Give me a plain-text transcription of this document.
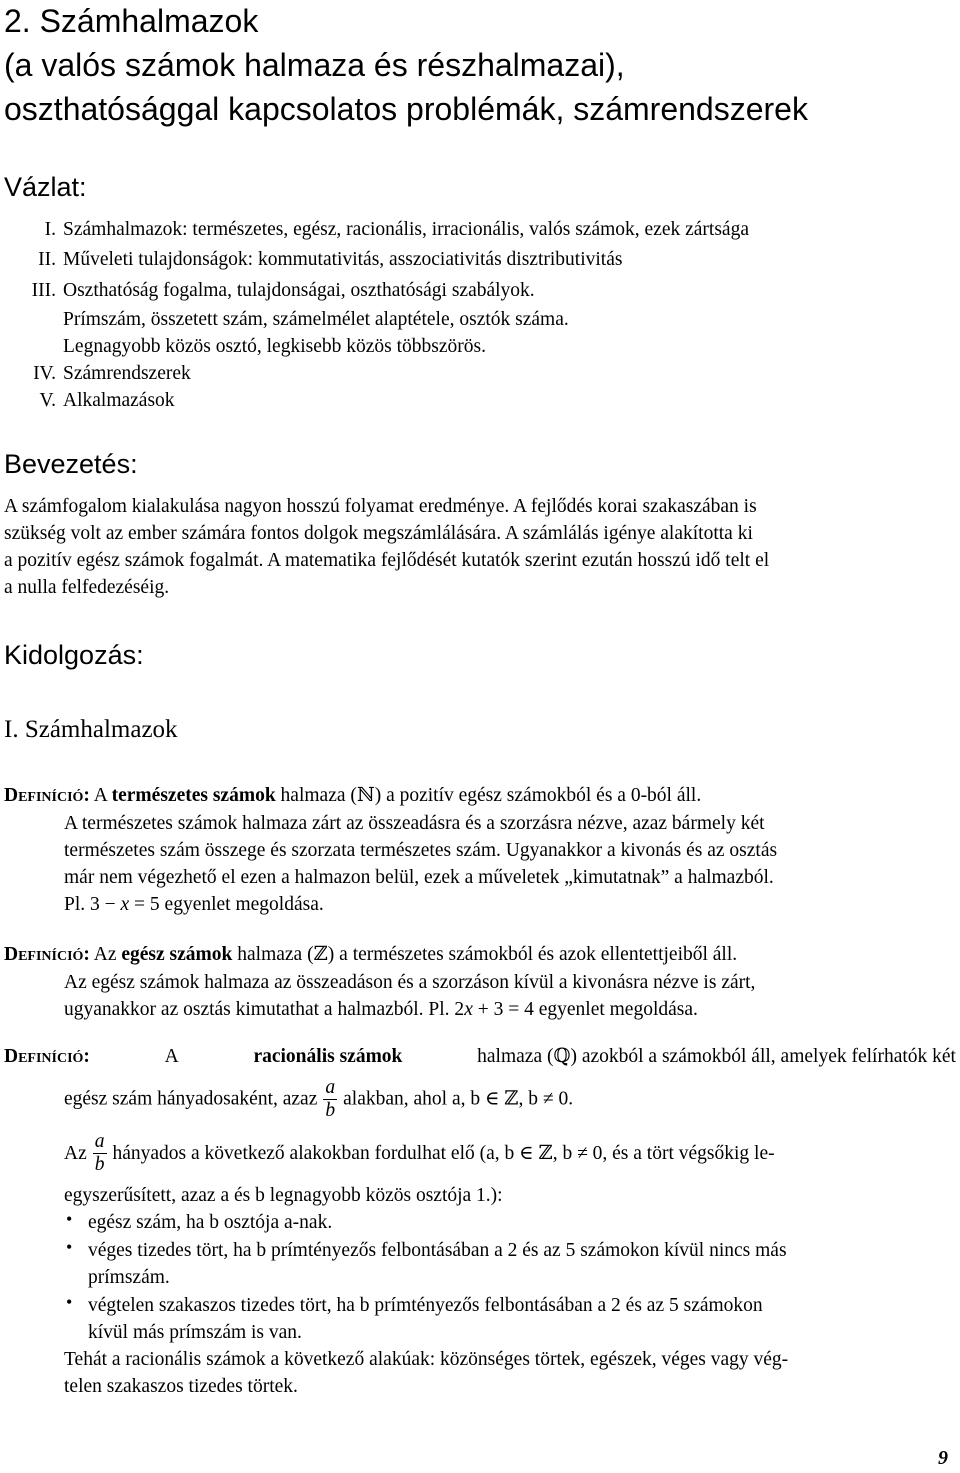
2. Számhalmazok
(a valós számok halmaza és részhalmazai),
oszthatósággal kapcsolatos problémák, számrendszerek
Vázlat:
I. Számhalmazok: természetes, egész, racionális, irracionális, valós számok, ezek zártsága
II. Műveleti tulajdonságok: kommutativitás, asszociativitás disztributivitás
III. Oszthatóság fogalma, tulajdonságai, oszthatósági szabályok.
Prímszám, összetett szám, számelmélet alaptétele, osztók száma.
Legnagyobb közös osztó, legkisebb közös többszörös.
IV. Számrendszerek
V. Alkalmazások
Bevezetés:
A számfogalom kialakulása nagyon hosszú folyamat eredménye. A fejlődés korai szakaszában is
szükség volt az ember számára fontos dolgok megszámlálására. A számlálás igénye alakította ki
a pozitív egész számok fogalmát. A matematika fejlődését kutatók szerint ezután hosszú idő telt el
a nulla felfedezéséig.
Kidolgozás:
I. Számhalmazok
Definíció: A természetes számok halmaza (ℕ) a pozitív egész számokból és a 0-ból áll.
A természetes számok halmaza zárt az összeadásra és a szorzásra nézve, azaz bármely két
természetes szám összege és szorzata természetes szám. Ugyanakkor a kivonás és az osztás
már nem végezhető el ezen a halmazon belül, ezek a műveletek „kimutatnak” a halmazból.
Pl. 3 − x = 5 egyenlet megoldása.
Definíció: Az egész számok halmaza (ℤ) a természetes számokból és azok ellentettjeiből áll.
Az egész számok halmaza az összeadáson és a szorzáson kívül a kivonásra nézve is zárt,
ugyanakkor az osztás kimutathat a halmazból. Pl. 2x + 3 = 4 egyenlet megoldása.
Definíció:	A	racionális számok	halmaza (ℚ) azokból a számokból áll, amelyek felírhatók két
egész szám hányadosaként, azaz $\frac{a}{b}$ alakban, ahol a, b ∈ ℤ, b ≠ 0.
Az $\frac{a}{b}$ hányados a következő alakokban fordulhat elő (a, b ∈ ℤ, b ≠ 0, és a tört végsőkig le-
egyszerűsített, azaz a és b legnagyobb közös osztója 1.):
• egész szám, ha b osztója a-nak.
• véges tizedes tört, ha b prímtényezős felbontásában a 2 és az 5 számokon kívül nincs más
prímszám.
• végtelen szakaszos tizedes tört, ha b prímtényezős felbontásában a 2 és az 5 számokon
kívül más prímszám is van.
Tehát a racionális számok a következő alakúak: közönséges törtek, egészek, véges vagy vég-
telen szakaszos tizedes törtek.
9
